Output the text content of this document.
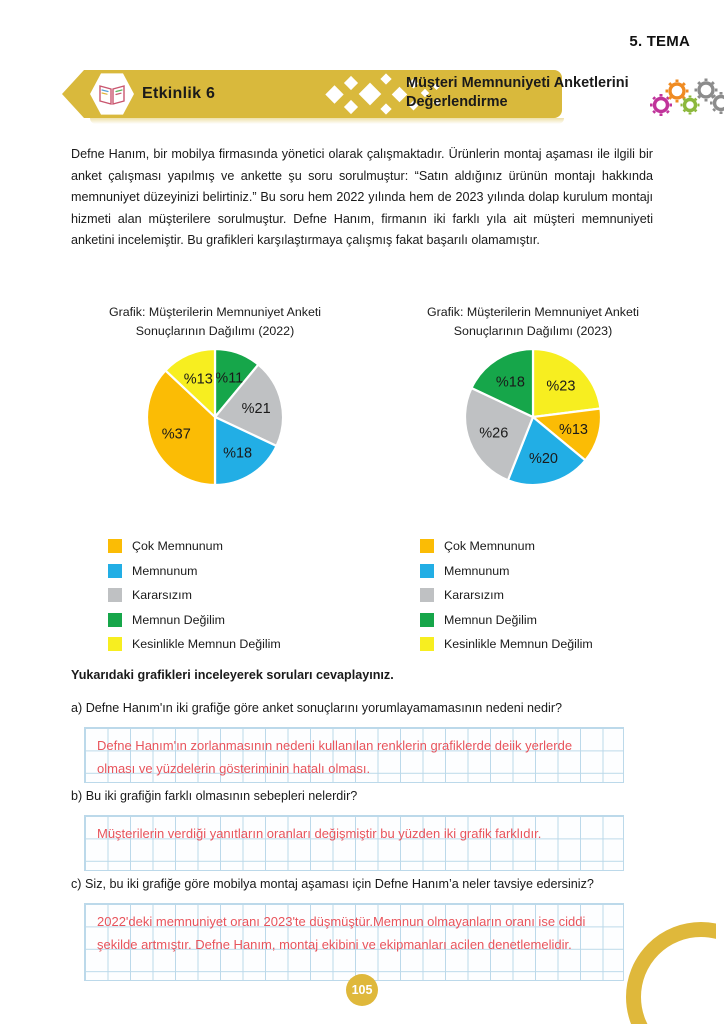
5. TEMA
Etkinlik 6
Müşteri Memnuniyeti Anketlerini
Değerlendirme
Defne Hanım, bir mobilya firmasında yönetici olarak çalışmaktadır. Ürünlerin montaj aşaması ile ilgili bir anket çalışması yapılmış ve ankette şu soru sorulmuştur: “Satın aldığınız ürünün montajı hakkında memnuniyet düzeyinizi belirtiniz.” Bu soru hem 2022 yılında hem de 2023 yılında dolap kurulum montajı hizmeti alan müşterilere sorulmuştur. Defne Hanım, firmanın iki farklı yıla ait müşteri memnuniyeti anketini incelemiştir. Bu grafikleri karşılaştırmaya çalışmış fakat başarılı olamamıştır.
Grafik: Müşterilerin Memnuniyet Anketi
Sonuçlarının Dağılımı (2022)
%11
%21
%18
%37
%13
Grafik: Müşterilerin Memnuniyet Anketi
Sonuçlarının Dağılımı (2023)
%23
%13
%20
%26
%18
Çok Memnunum
Memnunum
Kararsızım
Memnun Değilim
Kesinlikle Memnun Değilim
Çok Memnunum
Memnunum
Kararsızım
Memnun Değilim
Kesinlikle Memnun Değilim
Yukarıdaki grafikleri inceleyerek soruları cevaplayınız.
a) Defne Hanım'ın iki grafiğe göre anket sonuçlarını yorumlayamamasının nedeni nedir?
Defne Hanım'ın zorlanmasının nedeni kullanılan renklerin grafiklerde deiik yerlerde olması ve yüzdelerin gösteriminin hatalı olması.
b) Bu iki grafiğin farklı olmasının sebepleri nelerdir?
Müşterilerin verdiği yanıtların oranları değişmiştir bu yüzden iki grafik farklıdır.
c) Siz, bu iki grafiğe göre mobilya montaj aşaması için Defne Hanım’a neler tavsiye edersiniz?
2022'deki memnuniyet oranı 2023'te düşmüştür.Memnun olmayanların oranı ise ciddi şekilde artmıştır. Defne Hanım, montaj ekibini ve ekipmanları acilen denetlemelidir.
105
